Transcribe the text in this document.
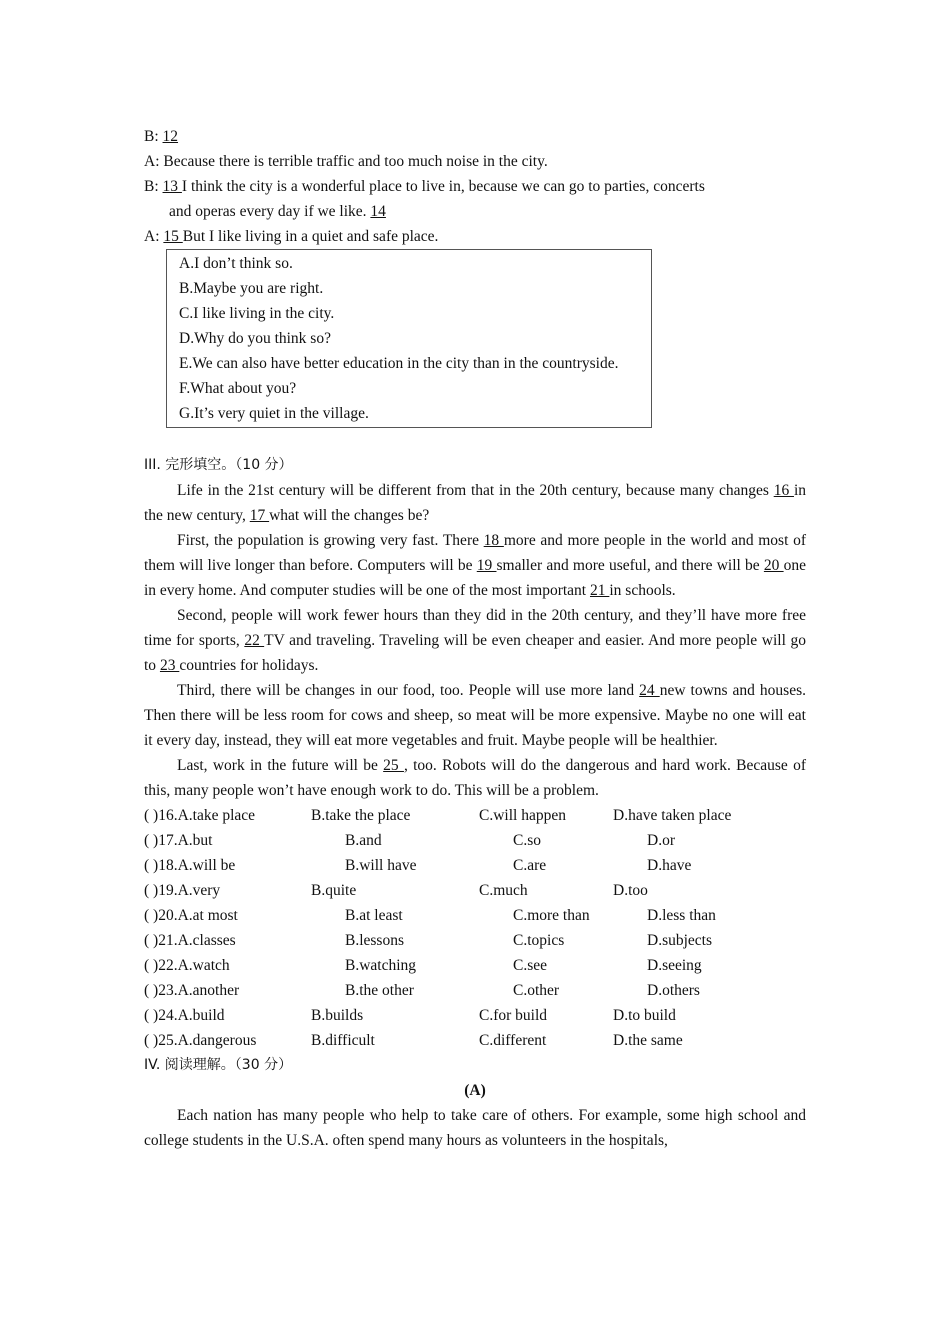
B: 12
A: Because there is terrible traffic and too much noise in the city.
B: 13 I think the city is a wonderful place to live in, because we can go to parties, concerts
and operas every day if we like. 14
A: 15 But I like living in a quiet and safe place.
A.I don’t think so.
B.Maybe you are right.
C.I like living in the city.
D.Why do you think so?
E.We can also have better education in the city than in the countryside.
F.What about you?
G.It’s very quiet in the village.
III. 完形填空。（10 分）
Life in the 21st century will be different from that in the 20th century, because many changes 16 in the new century, 17 what will the changes be?
First, the population is growing very fast. There 18 more and more people in the world and most of them will live longer than before. Computers will be 19 smaller and more useful, and there will be 20 one in every home. And computer studies will be one of the most important 21 in schools.
Second, people will work fewer hours than they did in the 20th century, and they’ll have more free time for sports, 22 TV and traveling. Traveling will be even cheaper and easier. And more people will go to 23 countries for holidays.
Third, there will be changes in our food, too. People will use more land 24 new towns and houses. Then there will be less room for cows and sheep, so meat will be more expensive. Maybe no one will eat it every day, instead, they will eat more vegetables and fruit. Maybe people will be healthier.
Last, work in the future will be 25 , too. Robots will do the dangerous and hard work. Because of this, many people won’t have enough work to do. This will be a problem.
( )16.A.take place	B.take the place	C.will happen	D.have taken place
( )17.A.but	B.and	C.so	D.or
( )18.A.will be	B.will have	C.are	D.have
( )19.A.very	B.quite	C.much	D.too
( )20.A.at most	B.at least	C.more than	D.less than
( )21.A.classes	B.lessons	C.topics	D.subjects
( )22.A.watch	B.watching	C.see	D.seeing
( )23.A.another	B.the other	C.other	D.others
( )24.A.build	B.builds	C.for build	D.to build
( )25.A.dangerous	B.difficult	C.different	D.the same
IV. 阅读理解。（30 分）
(A)
Each nation has many people who help to take care of others. For example, some high school and college students in the U.S.A. often spend many hours as volunteers in the hospitals,
